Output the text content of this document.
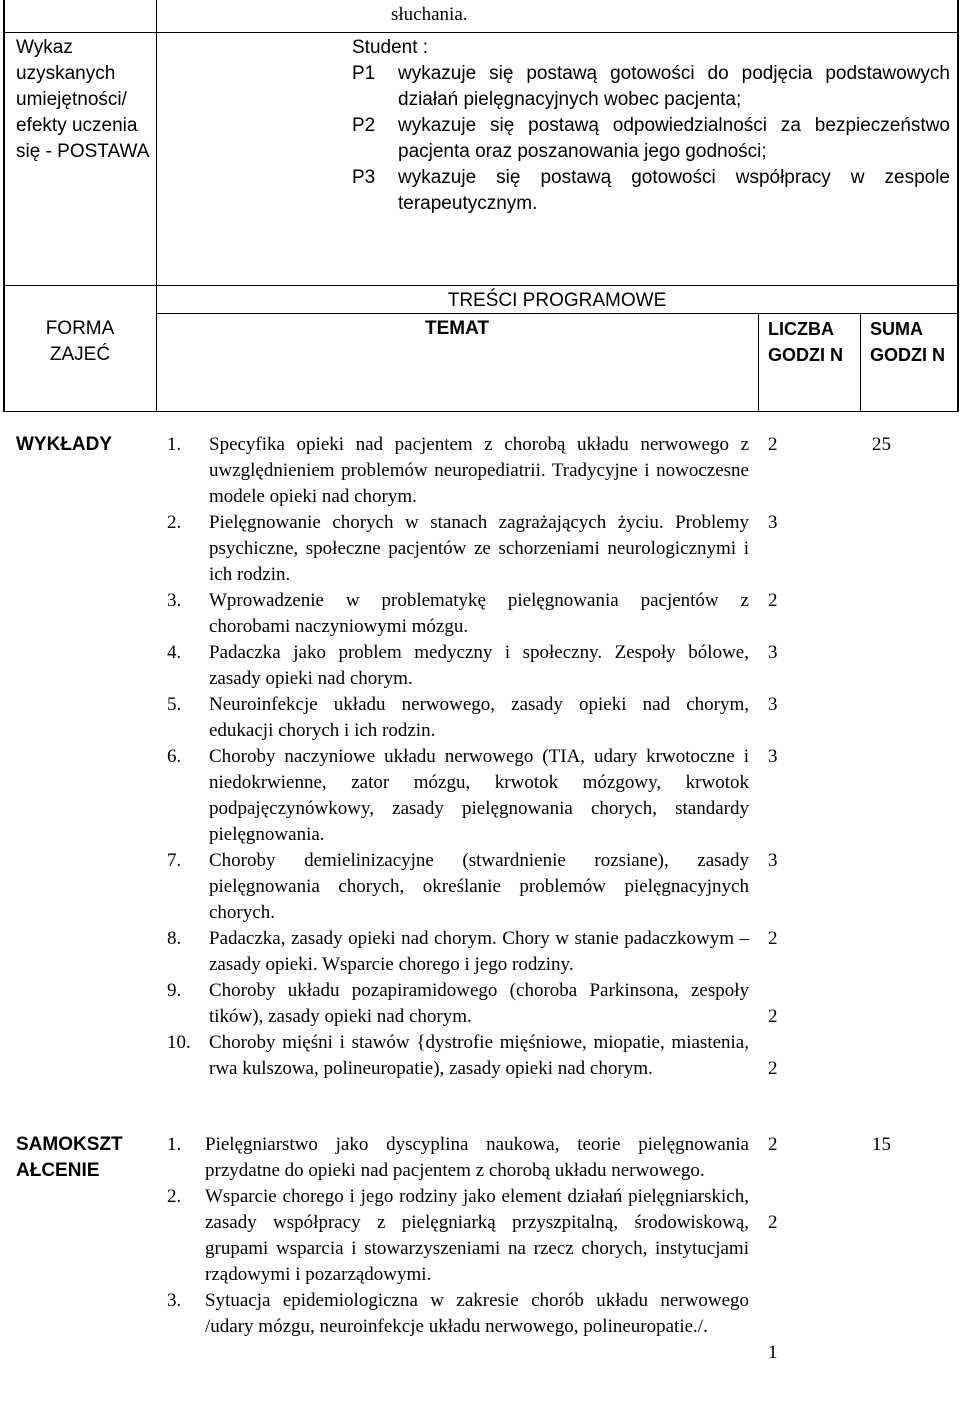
Wykaz uzyskanych umiejętności/ efekty uczenia się - POSTAWA
słuchania.
Student :
P1 wykazuje się postawą gotowości do podjęcia podstawowych działań pielęgnacyjnych wobec pacjenta;
P2 wykazuje się postawą odpowiedzialności za bezpieczeństwo pacjenta oraz poszanowania jego godności;
P3 wykazuje się postawą gotowości współpracy w zespole terapeutycznym.
TREŚCI PROGRAMOWE
FORMA ZAJEĆ
TEMAT	LICZBA GODZI N
SUMA GODZI N
WYKŁADY	25
1. Specyfika opieki nad pacjentem z chorobą układu nerwowego z uwzględnieniem problemów neuropediatrii. Tradycyjne i nowoczesne modele opieki nad chorym.
2. Pielęgnowanie chorych w stanach zagrażających życiu. Problemy psychiczne, społeczne pacjentów ze schorzeniami neurologicznymi i ich rodzin.
3. Wprowadzenie w problematykę pielęgnowania pacjentów z chorobami naczyniowymi mózgu.
4. Padaczka jako problem medyczny i społeczny. Zespoły bólowe, zasady opieki nad chorym.
5. Neuroinfekcje układu nerwowego, zasady opieki nad chorym, edukacji chorych i ich rodzin.
6. Choroby naczyniowe układu nerwowego (TIA, udary krwotoczne i niedokrwienne, zator mózgu, krwotok mózgowy, krwotok podpajęczynówkowy, zasady pielęgnowania chorych, standardy pielęgnowania.
7. Choroby demielinizacyjne (stwardnienie rozsiane), zasady pielęgnowania chorych, określanie problemów pielęgnacyjnych chorych.
8. Padaczka, zasady opieki nad chorym. Chory w stanie padaczkowym – zasady opieki. Wsparcie chorego i jego rodziny.
9. Choroby układu pozapiramidowego (choroba Parkinsona, zespoły tików), zasady opieki nad chorym.
10. Choroby mięśni i stawów {dystrofie mięśniowe, miopatie, miastenia, rwa kulszowa, polineuropatie), zasady opieki nad chorym.
2
3
2
3
3
3
3
2
2
2
SAMOKSZT AŁCENIE
15
1. Pielęgniarstwo jako dyscyplina naukowa, teorie pielęgnowania przydatne do opieki nad pacjentem z chorobą układu nerwowego.
2. Wsparcie chorego i jego rodziny jako element działań pielęgniarskich, zasady współpracy z pielęgniarką przyszpitalną, środowiskową, grupami wsparcia i stowarzyszeniami na rzecz chorych, instytucjami rządowymi i pozarządowymi.
3. Sytuacja epidemiologiczna w zakresie chorób układu nerwowego /udary mózgu, neuroinfekcje układu nerwowego, polineuropatie./.
2
2
1
